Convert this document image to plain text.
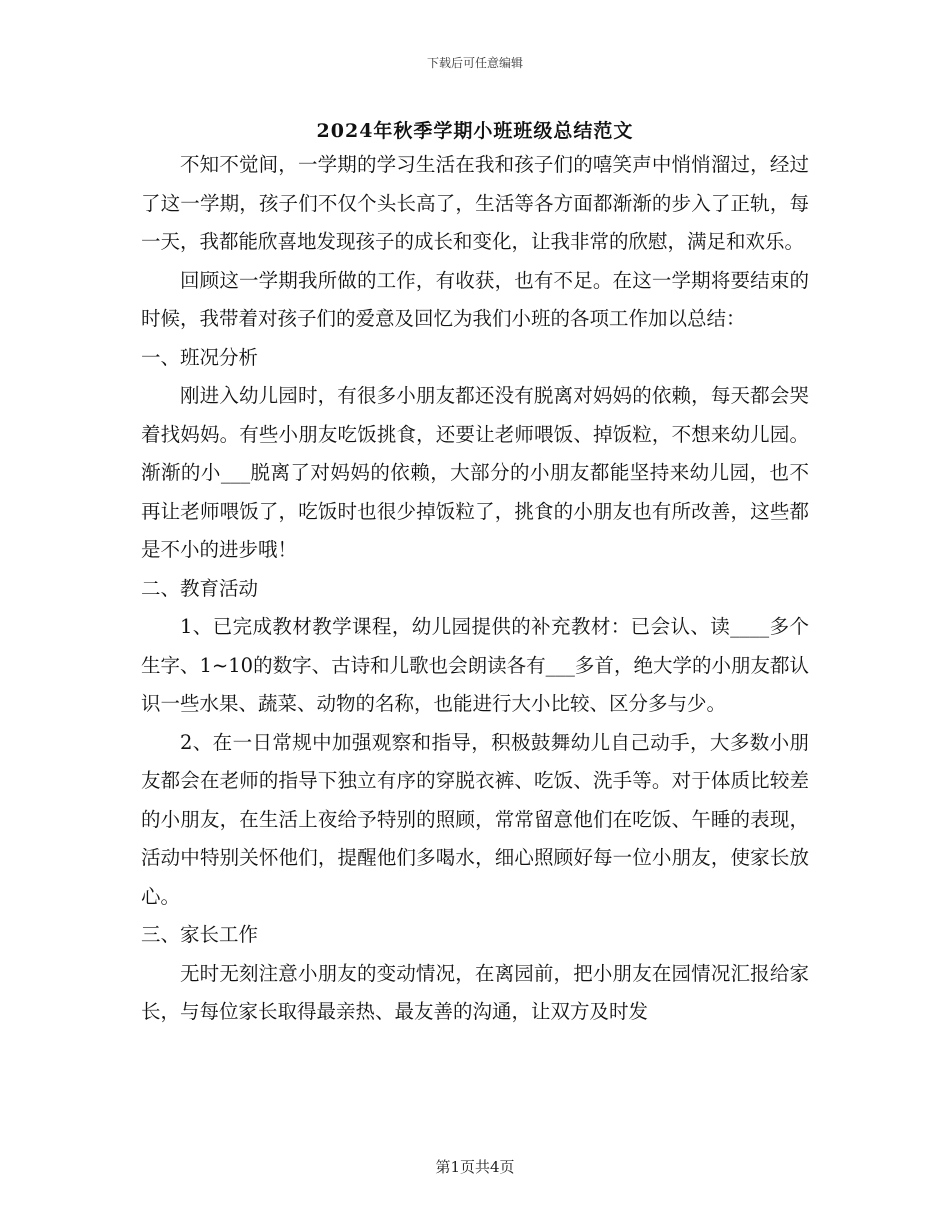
下载后可任意编辑
2024年秋季学期小班班级总结范文

不知不觉间，一学期的学习生活在我和孩子们的嘻笑声中悄悄溜过，经过了这一学期，孩子们不仅个头长高了，生活等各方面都渐渐的步入了正轨，每一天，我都能欣喜地发现孩子的成长和变化，让我非常的欣慰，满足和欢乐。

回顾这一学期我所做的工作，有收获，也有不足。在这一学期将要结束的时候，我带着对孩子们的爱意及回忆为我们小班的各项工作加以总结：

一、班况分析

刚进入幼儿园时，有很多小朋友都还没有脱离对妈妈的依赖，每天都会哭着找妈妈。有些小朋友吃饭挑食，还要让老师喂饭、掉饭粒，不想来幼儿园。渐渐的小___脱离了对妈妈的依赖，大部分的小朋友都能坚持来幼儿园，也不再让老师喂饭了，吃饭时也很少掉饭粒了，挑食的小朋友也有所改善，这些都是不小的进步哦！

二、教育活动

1、已完成教材教学课程，幼儿园提供的补充教材：已会认、读____多个生字、1~10的数字、古诗和儿歌也会朗读各有___多首，绝大学的小朋友都认识一些水果、蔬菜、动物的名称，也能进行大小比较、区分多与少。

2、在一日常规中加强观察和指导，积极鼓舞幼儿自己动手，大多数小朋友都会在老师的指导下独立有序的穿脱衣裤、吃饭、洗手等。对于体质比较差的小朋友，在生活上夜给予特别的照顾，常常留意他们在吃饭、午睡的表现，活动中特别关怀他们，提醒他们多喝水，细心照顾好每一位小朋友，使家长放心。

三、家长工作

无时无刻注意小朋友的变动情况，在离园前，把小朋友在园情况汇报给家长，与每位家长取得最亲热、最友善的沟通，让双方及时发

第1页共4页
